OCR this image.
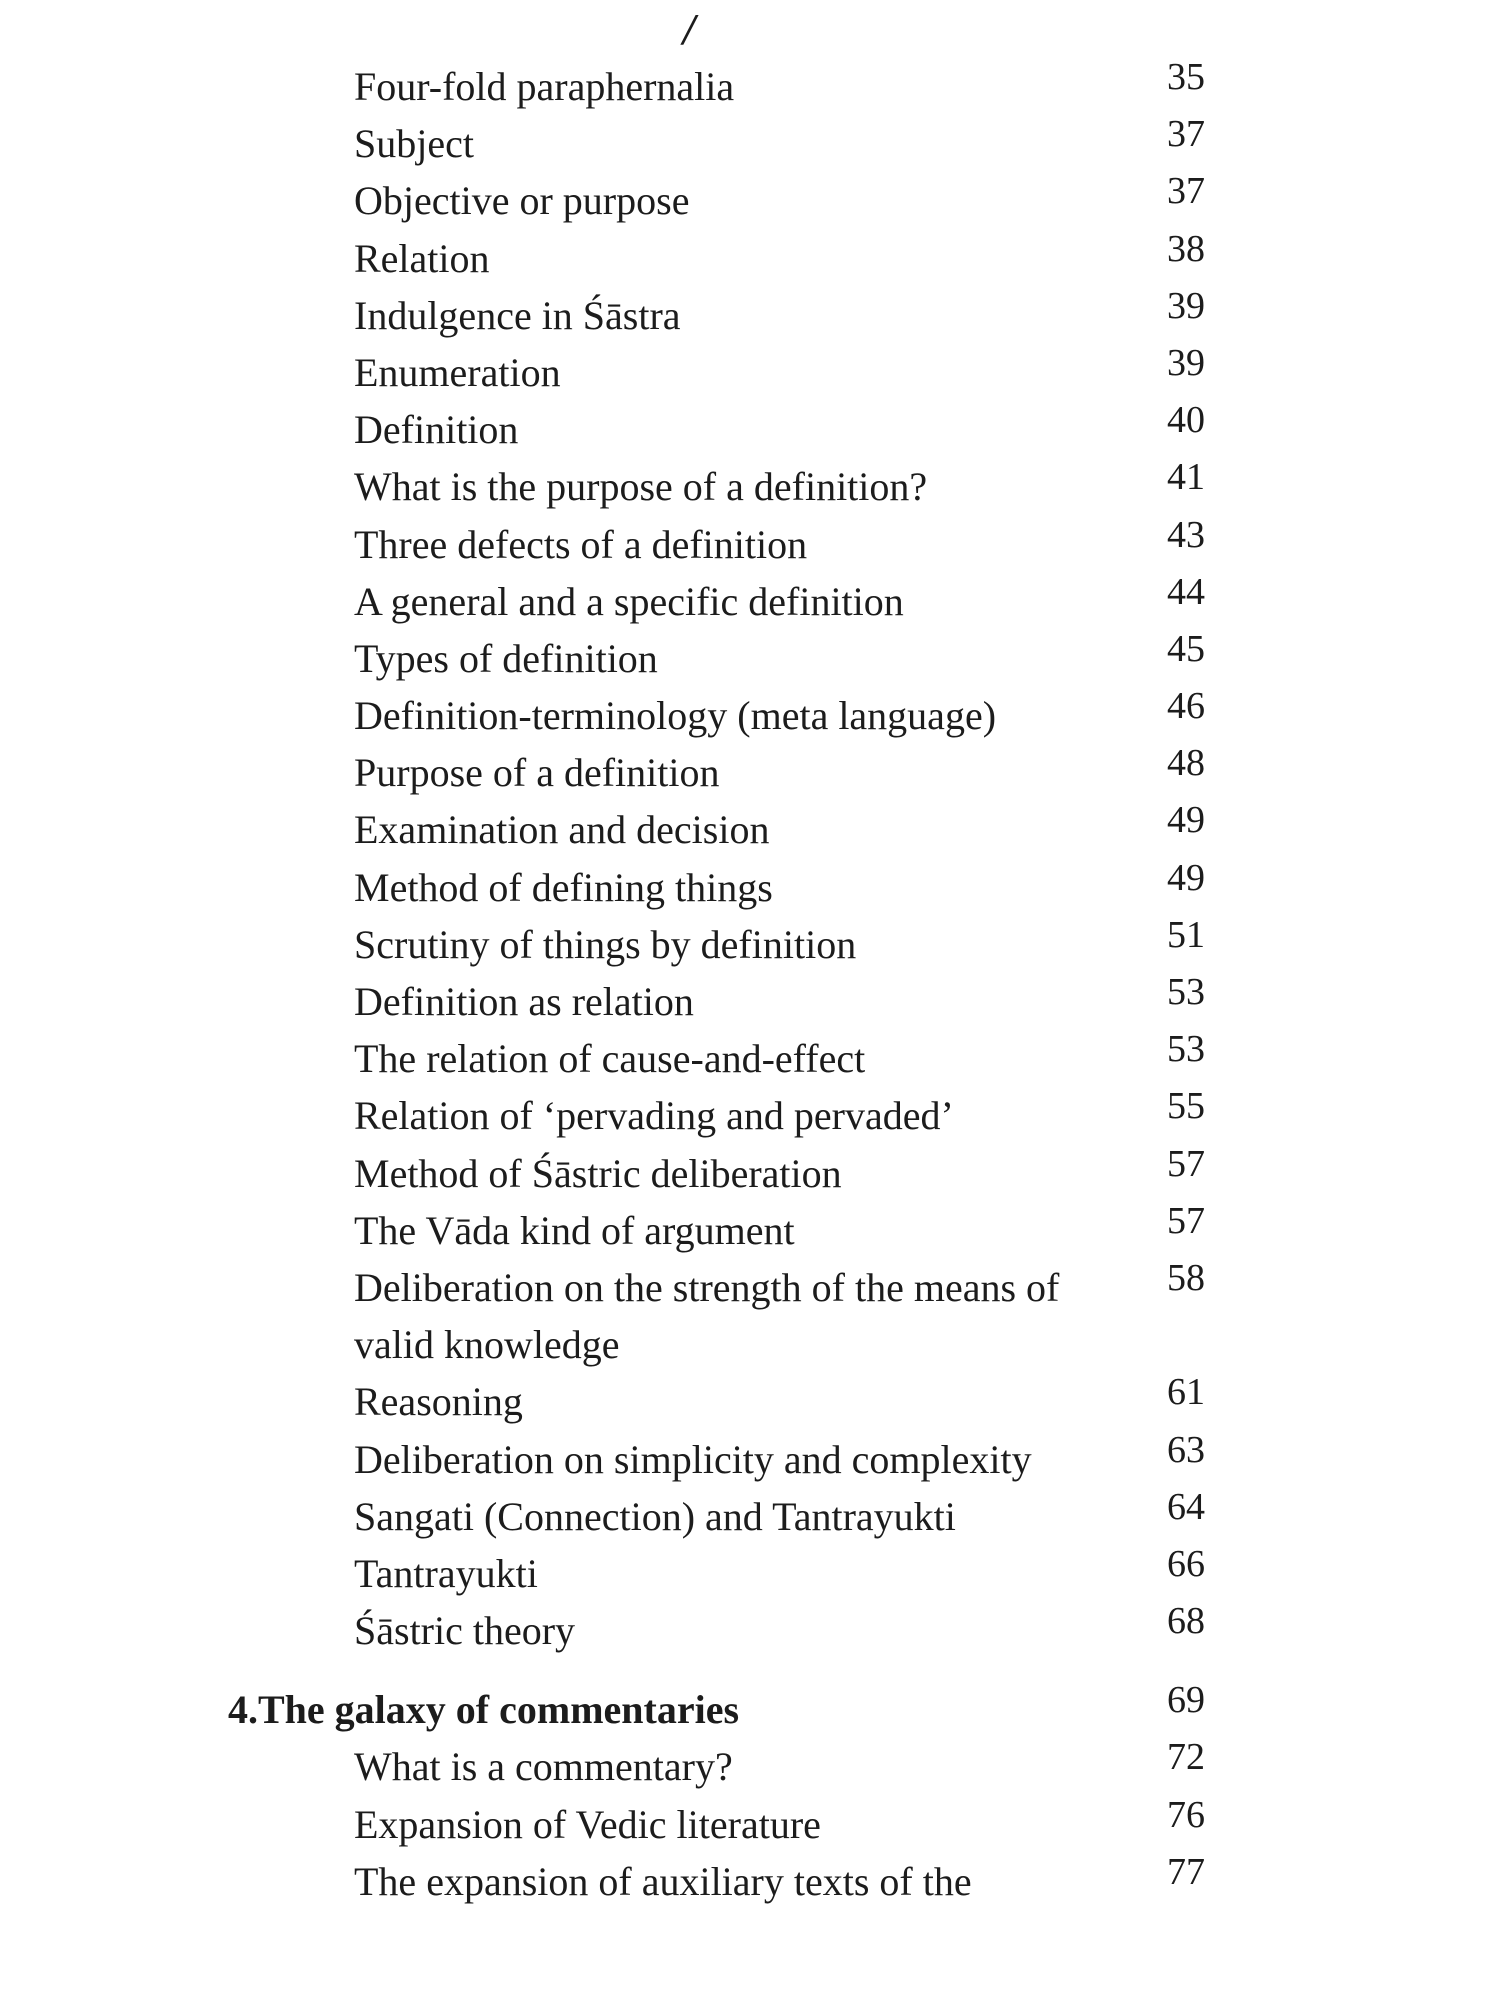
/
Four-fold paraphernalia	35
Subject	37
Objective or purpose	37
Relation	38
Indulgence in Śāstra	39
Enumeration	39
Definition	40
What is the purpose of a definition?	41
Three defects of a definition	43
A general and a specific definition	44
Types of definition	45
Definition-terminology (meta language)	46
Purpose of a definition	48
Examination and decision	49
Method of defining things	49
Scrutiny of things by definition	51
Definition as relation	53
The relation of cause-and-effect	53
Relation of ‘pervading and pervaded’	55
Method of Śāstric deliberation	57
The Vāda kind of argument	57
Deliberation on the strength of the means of
valid knowledge
58
Reasoning	61
Deliberation on simplicity and complexity	63
Sangati (Connection) and Tantrayukti	64
Tantrayukti	66
Śāstric theory	68
4.The galaxy of commentaries	69
What is a commentary?	72
Expansion of Vedic literature	76
The expansion of auxiliary texts of the	77
